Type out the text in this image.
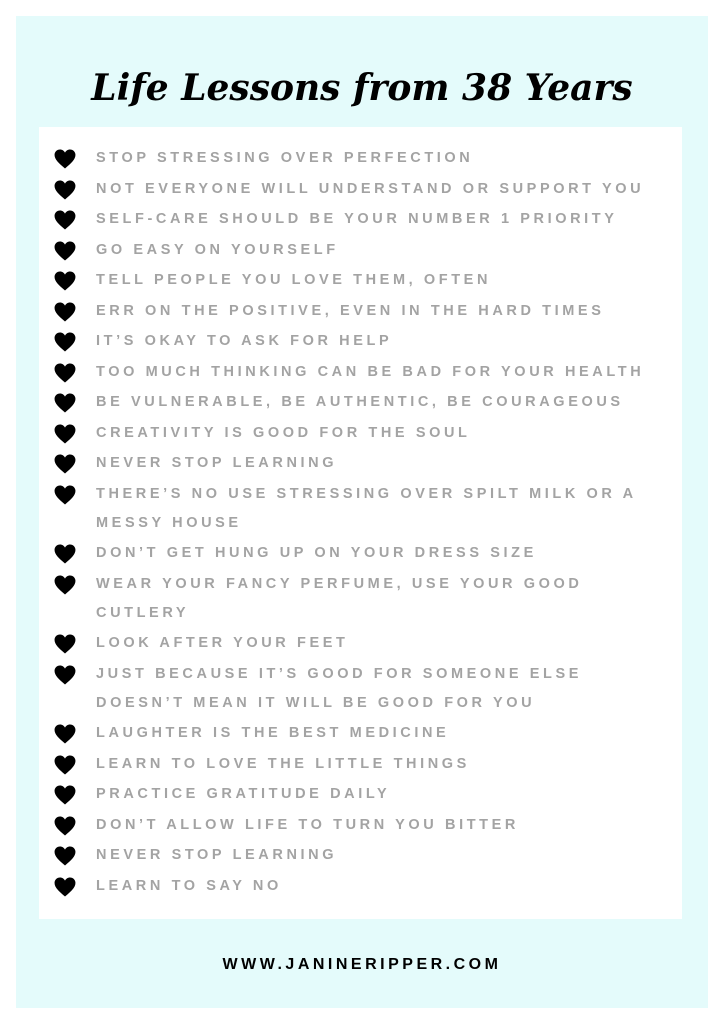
Life Lessons from 38 Years
STOP STRESSING OVER PERFECTION
NOT EVERYONE WILL UNDERSTAND OR SUPPORT YOU
SELF-CARE SHOULD BE YOUR NUMBER 1 PRIORITY
GO EASY ON YOURSELF
TELL PEOPLE YOU LOVE THEM, OFTEN
ERR ON THE POSITIVE, EVEN IN THE HARD TIMES
IT’S OKAY TO ASK FOR HELP
TOO MUCH THINKING CAN BE BAD FOR YOUR HEALTH
BE VULNERABLE, BE AUTHENTIC, BE COURAGEOUS
CREATIVITY IS GOOD FOR THE SOUL
NEVER STOP LEARNING
THERE’S NO USE STRESSING OVER SPILT MILK OR A MESSY HOUSE
DON’T GET HUNG UP ON YOUR DRESS SIZE
WEAR YOUR FANCY PERFUME, USE YOUR GOOD CUTLERY
LOOK AFTER YOUR FEET
JUST BECAUSE IT’S GOOD FOR SOMEONE ELSE DOESN’T MEAN IT WILL BE GOOD FOR YOU
LAUGHTER IS THE BEST MEDICINE
LEARN TO LOVE THE LITTLE THINGS
PRACTICE GRATITUDE DAILY
DON’T ALLOW LIFE TO TURN YOU BITTER
NEVER STOP LEARNING
LEARN TO SAY NO
WWW.JANINERIPPER.COM
